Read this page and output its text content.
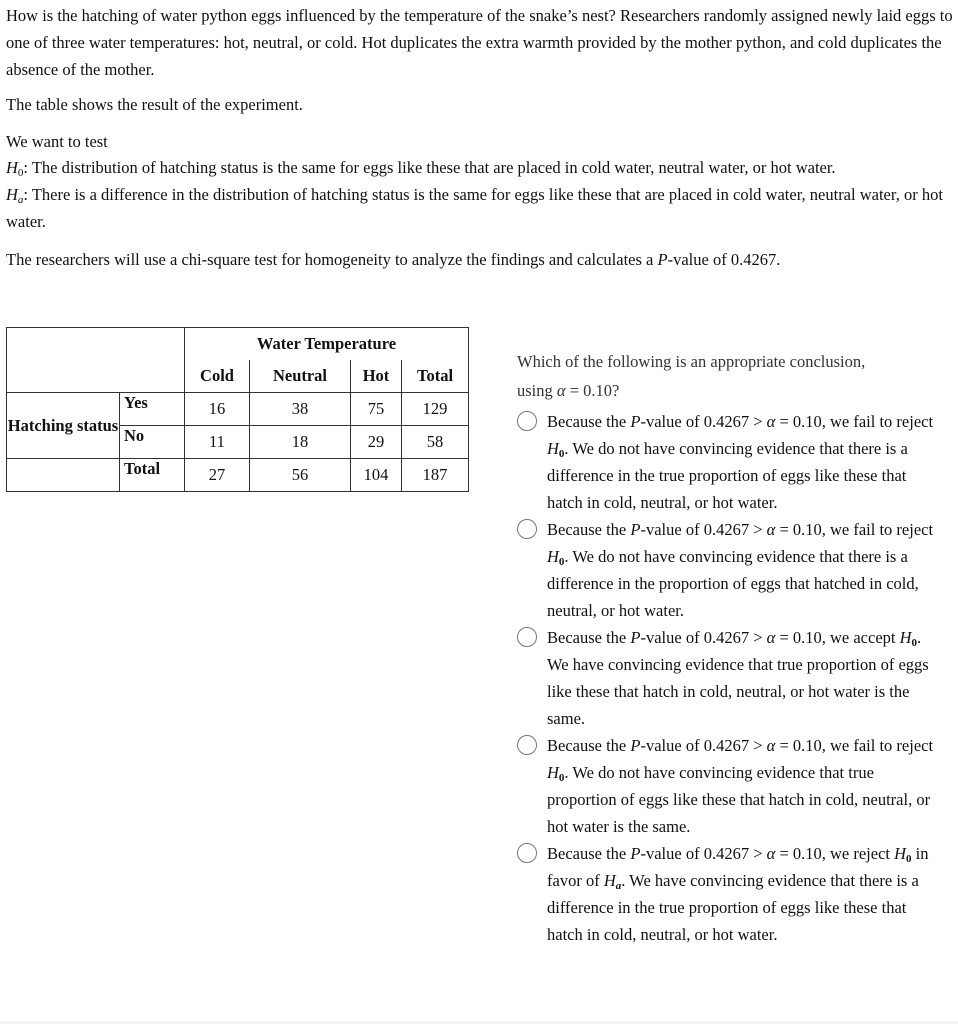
How is the hatching of water python eggs influenced by the temperature of the snake’s nest? Researchers randomly assigned newly laid eggs to one of three water temperatures: hot, neutral, or cold. Hot duplicates the extra warmth provided by the mother python, and cold duplicates the absence of the mother.

The table shows the result of the experiment.

We want to test

$H_0$: The distribution of hatching status is the same for eggs like these that are placed in cold water, neutral water, or hot water.

$H_a$: There is a difference in the distribution of hatching status is the same for eggs like these that are placed in cold water, neutral water, or hot water.

The researchers will use a chi-square test for homogeneity to analyze the findings and calculates a P-value of 0.4267.

		Water Temperature			
		Cold	Neutral	Hot	Total
Hatching status	Yes	16	38	75	129
	No	11	18	29	58
	Total	27	56	104	187
Which of the following is an appropriate conclusion,
using α = 0.10?
Because the P-value of 0.4267 > α = 0.10, we fail to reject $H_0$. We do not have convincing evidence that there is a difference in the true proportion of eggs like these that hatch in cold, neutral, or hot water.
Because the P-value of 0.4267 > α = 0.10, we fail to reject $H_0$. We do not have convincing evidence that there is a difference in the proportion of eggs that hatched in cold, neutral, or hot water.
Because the P-value of 0.4267 > α = 0.10, we accept $H_0$. We have convincing evidence that true proportion of eggs like these that hatch in cold, neutral, or hot water is the same.
Because the P-value of 0.4267 > α = 0.10, we fail to reject $H_0$. We do not have convincing evidence that true proportion of eggs like these that hatch in cold, neutral, or hot water is the same.
Because the P-value of 0.4267 > α = 0.10, we reject $H_0$ in favor of $H_a$. We have convincing evidence that there is a difference in the true proportion of eggs like these that hatch in cold, neutral, or hot water.
